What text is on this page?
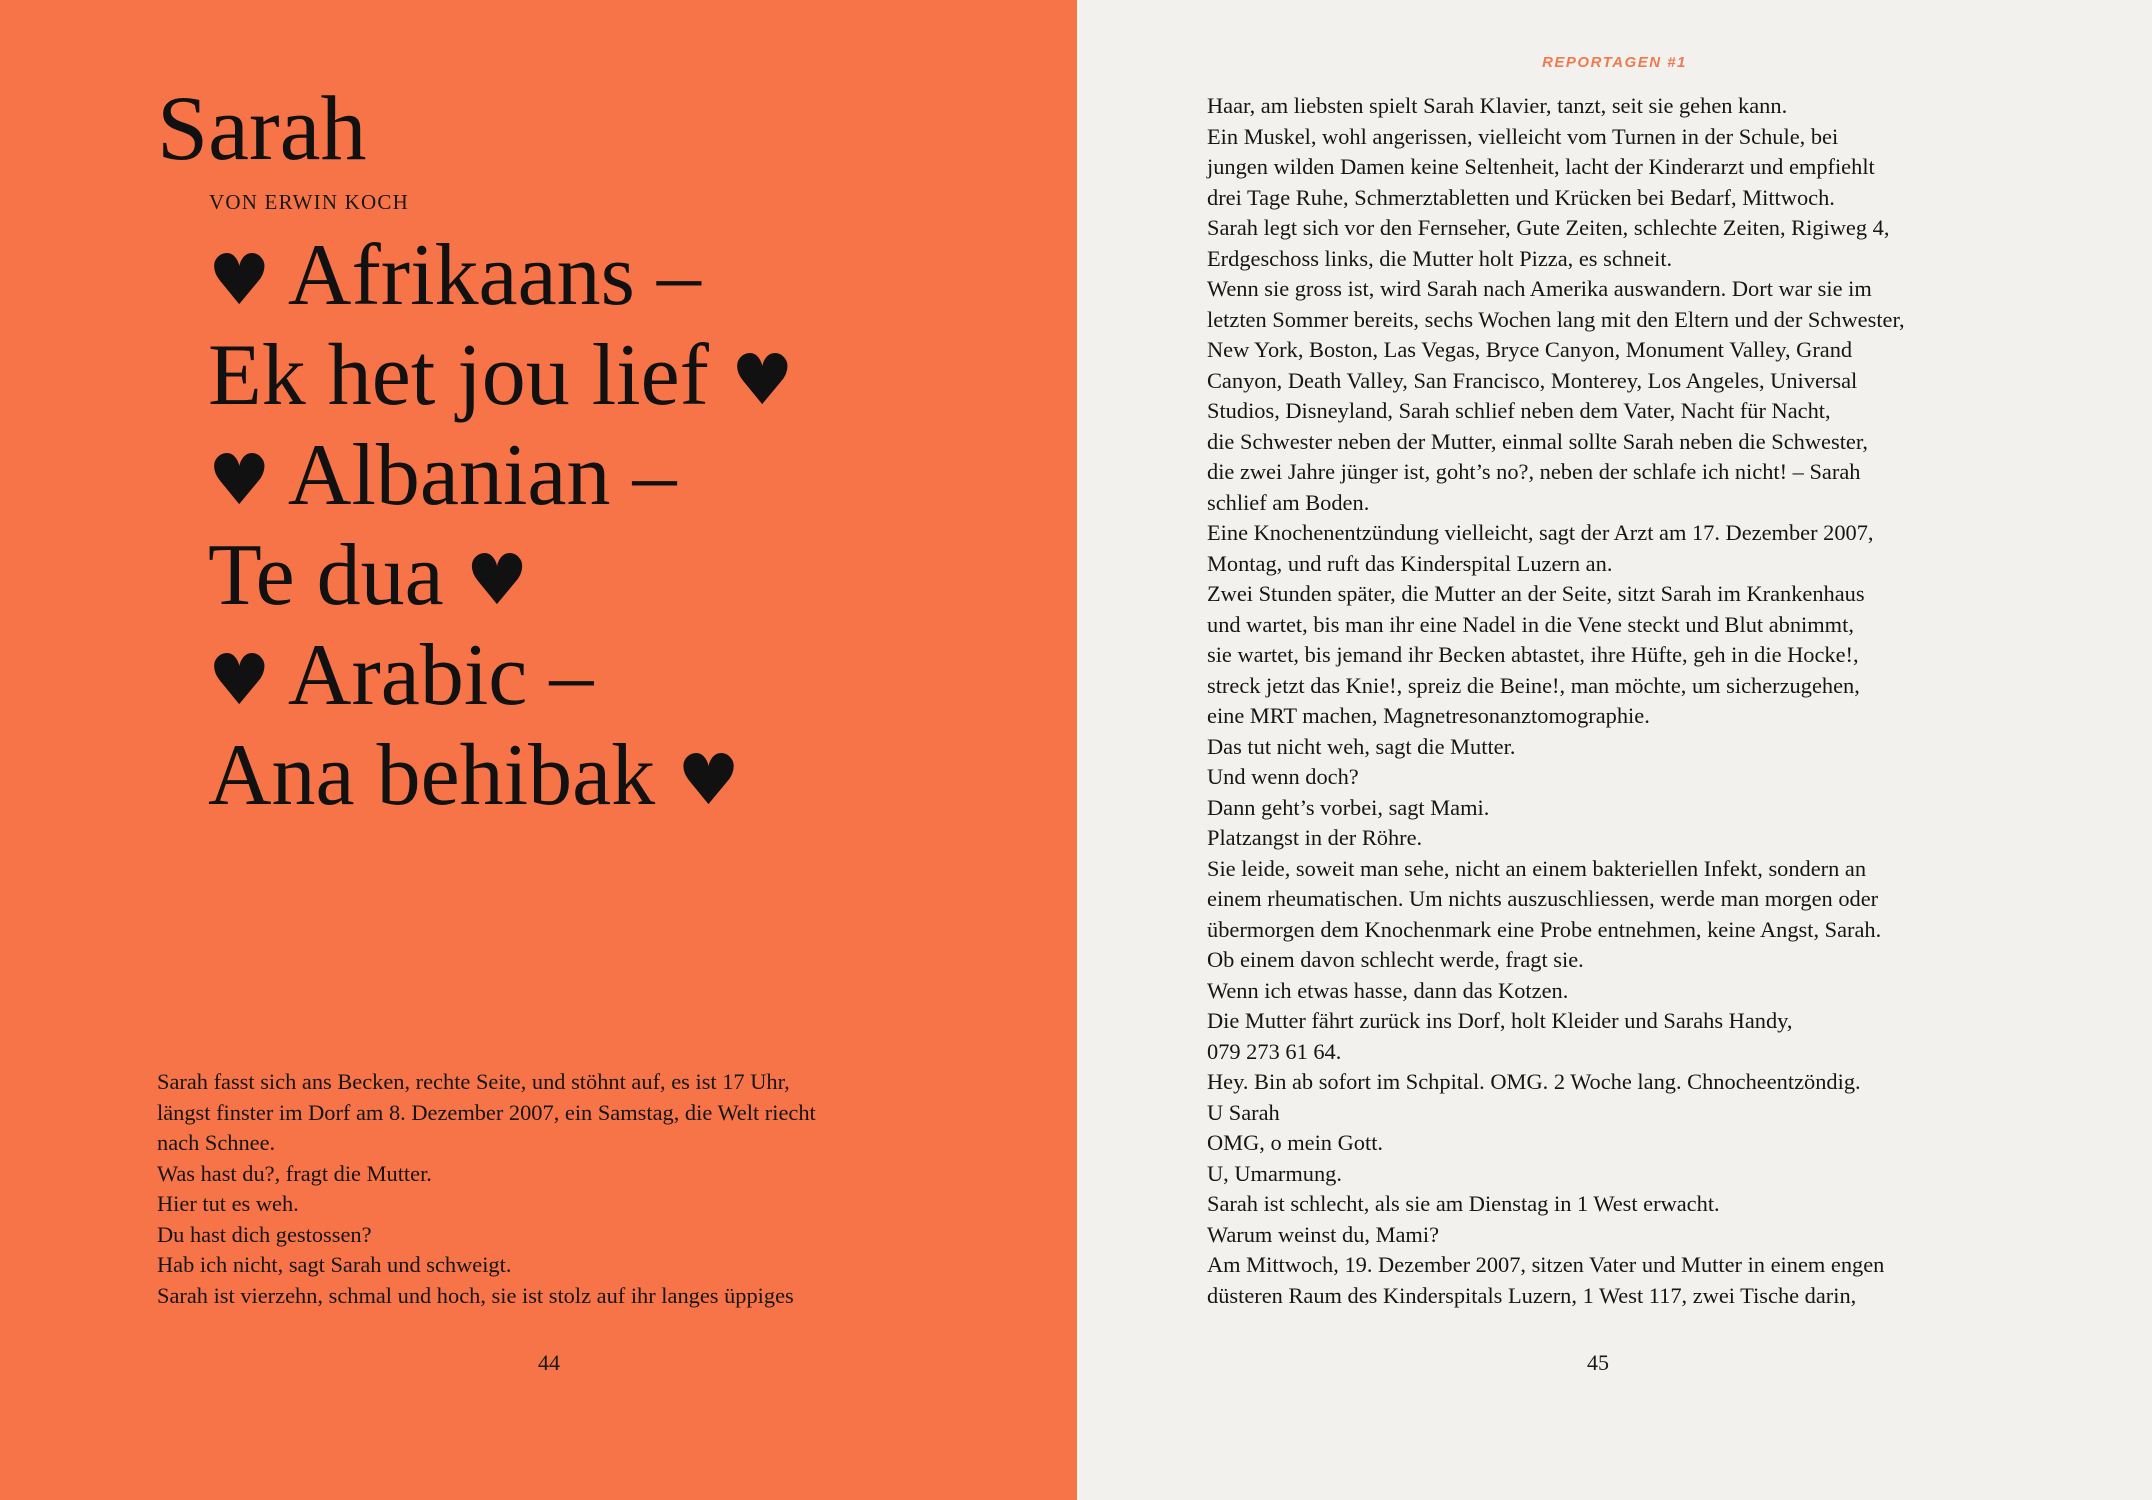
Sarah

VON ERWIN KOCH

♥ Afrikaans –
Ek het jou lief ♥
♥ Albanian –
Te dua ♥
♥ Arabic –
Ana behibak ♥
Sarah fasst sich ans Becken, rechte Seite, und stöhnt auf, es ist 17 Uhr,
längst finster im Dorf am 8. Dezember 2007, ein Samstag, die Welt riecht
nach Schnee.
Was hast du?, fragt die Mutter.
Hier tut es weh.
Du hast dich gestossen?
Hab ich nicht, sagt Sarah und schweigt.
Sarah ist vierzehn, schmal und hoch, sie ist stolz auf ihr langes üppiges
44
REPORTAGEN #1
Haar, am liebsten spielt Sarah Klavier, tanzt, seit sie gehen kann.
Ein Muskel, wohl angerissen, vielleicht vom Turnen in der Schule, bei
jungen wilden Damen keine Seltenheit, lacht der Kinderarzt und empfiehlt
drei Tage Ruhe, Schmerztabletten und Krücken bei Bedarf, Mittwoch.
Sarah legt sich vor den Fernseher, Gute Zeiten, schlechte Zeiten, Rigiweg 4,
Erdgeschoss links, die Mutter holt Pizza, es schneit.
Wenn sie gross ist, wird Sarah nach Amerika auswandern. Dort war sie im
letzten Sommer bereits, sechs Wochen lang mit den Eltern und der Schwester,
New York, Boston, Las Vegas, Bryce Canyon, Monument Valley, Grand
Canyon, Death Valley, San Francisco, Monterey, Los Angeles, Universal
Studios, Disneyland, Sarah schlief neben dem Vater, Nacht für Nacht,
die Schwester neben der Mutter, einmal sollte Sarah neben die Schwester,
die zwei Jahre jünger ist, goht’s no?, neben der schlafe ich nicht! – Sarah
schlief am Boden.
Eine Knochenentzündung vielleicht, sagt der Arzt am 17. Dezember 2007,
Montag, und ruft das Kinderspital Luzern an.
Zwei Stunden später, die Mutter an der Seite, sitzt Sarah im Krankenhaus
und wartet, bis man ihr eine Nadel in die Vene steckt und Blut abnimmt,
sie wartet, bis jemand ihr Becken abtastet, ihre Hüfte, geh in die Hocke!,
streck jetzt das Knie!, spreiz die Beine!, man möchte, um sicherzugehen,
eine MRT machen, Magnetresonanztomographie.
Das tut nicht weh, sagt die Mutter.
Und wenn doch?
Dann geht’s vorbei, sagt Mami.
Platzangst in der Röhre.
Sie leide, soweit man sehe, nicht an einem bakteriellen Infekt, sondern an
einem rheumatischen. Um nichts auszuschliessen, werde man morgen oder
übermorgen dem Knochenmark eine Probe entnehmen, keine Angst, Sarah.
Ob einem davon schlecht werde, fragt sie.
Wenn ich etwas hasse, dann das Kotzen.
Die Mutter fährt zurück ins Dorf, holt Kleider und Sarahs Handy,
079 273 61 64.
Hey. Bin ab sofort im Schpital. OMG. 2 Woche lang. Chnocheentzöndig.
U Sarah
OMG, o mein Gott.
U, Umarmung.
Sarah ist schlecht, als sie am Dienstag in 1 West erwacht.
Warum weinst du, Mami?
Am Mittwoch, 19. Dezember 2007, sitzen Vater und Mutter in einem engen
düsteren Raum des Kinderspitals Luzern, 1 West 117, zwei Tische darin,
45
